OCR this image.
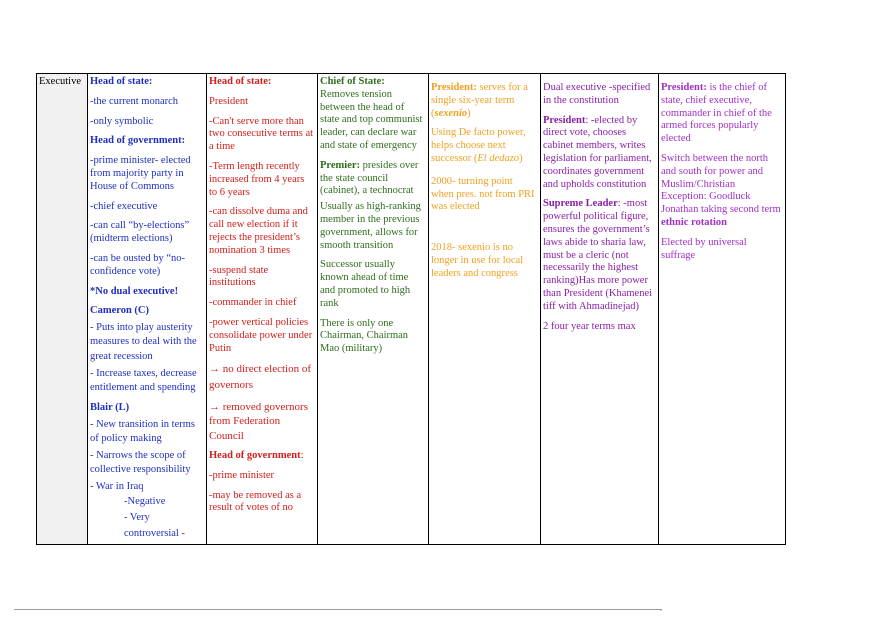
Executive	Head of state:
-the current monarch
-only symbolic
Head of government:
-prime minister- elected from majority party in House of Commons
-chief executive
-can call “by-elections” (midterm elections)
-can be ousted by “no-confidence vote)
*No dual executive!
Cameron (C)
- Puts into play austerity measures to deal with the great recession
- Increase taxes, decrease entitlement and spending
Blair (L)
- New transition in terms of policy making
- Narrows the scope of collective responsibility
- War in Iraq
-Negative
- Very
controversial -

Head of state:
President
-Can't serve more than two consecutive terms at a time
-Term length recently increased from 4 years to 6 years
-can dissolve duma and call new election if it rejects the president’s nomination 3 times
-suspend state institutions
-commander in chief
-power vertical policies consolidate power under Putin
→ no direct election of governors
→ removed governors from Federation Council
Head of government:
-prime minister
-may be removed as a result of votes of no

Chief of State:
Removes tension between the head of state and top communist leader, can declare war and state of emergency
Premier: presides over the state council (cabinet), a technocrat
Usually as high-ranking member in the previous government, allows for smooth transition
Successor usually known ahead of time and promoted to high rank
There is only one Chairman, Chairman Mao (military)

President: serves for a single six-year term (sexenio)
Using De facto power, helps choose next successor (El dedazo)
2000- turning point when pres. not from PRI was elected
2018- sexenio is no longer in use for local leaders and congress

Dual executive -specified in the constitution
President: -elected by direct vote, chooses cabinet members, writes legislation for parliament, coordinates government and upholds constitution
Supreme Leader: -most powerful political figure, ensures the government’s laws abide to sharia law, must be a cleric (not necessarily the highest ranking)Has more power than President (Khamenei tiff with Ahmadinejad)
2 four year terms max

President: is the chief of state, chief executive, commander in chief of the armed forces popularly elected
Switch between the north and south for power and Muslim/Christian Exception: Goodluck Jonathan taking second term ethnic rotation
Elected by universal suffrage
.
